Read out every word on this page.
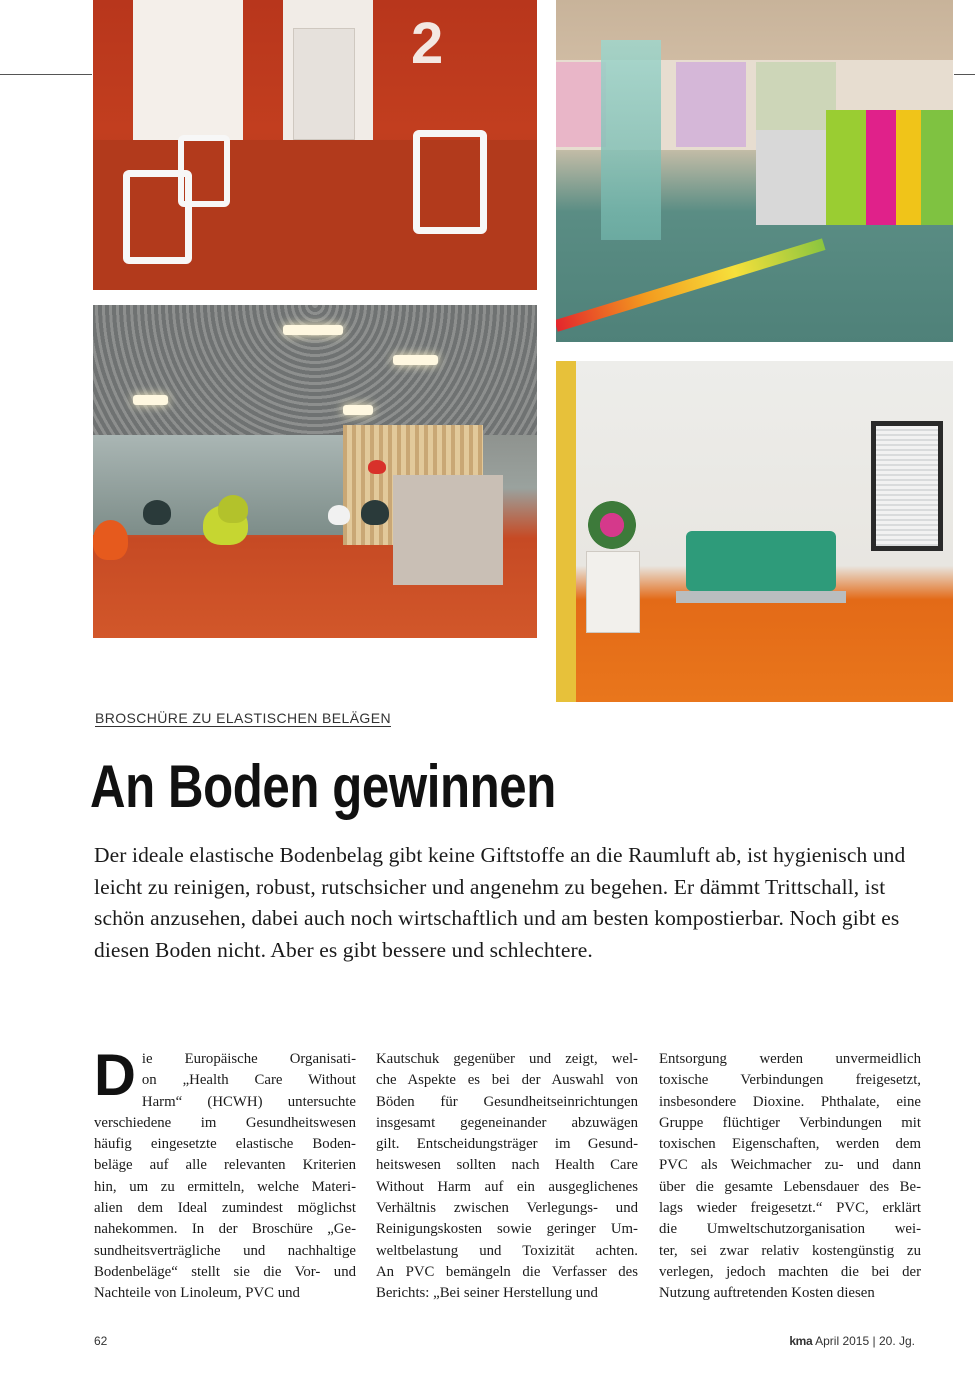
2
BROSCHÜRE ZU ELASTISCHEN BELÄGEN
An Boden gewinnen

Der ideale elastische Bodenbelag gibt keine Giftstoffe an die Raumluft ab, ist hygienisch und leicht zu reinigen, robust, rutschsicher und angenehm zu begehen. Er dämmt Trittschall, ist schön anzusehen, dabei auch noch wirtschaftlich und am besten kompostierbar. Noch gibt es diesen Boden nicht. Aber es gibt bessere und schlechtere.

D ie Europäische Organisati-
on „Health Care Without
Harm“ (HCWH) untersuchte
verschiedene im Gesundheitswesen
häufig eingesetzte elastische Boden-
beläge auf alle relevanten Kriterien
hin, um zu ermitteln, welche Materi-
alien dem Ideal zumindest möglichst
nahekommen. In der Broschüre „Ge-
sundheitsverträgliche und nachhaltige
Bodenbeläge“ stellt sie die Vor- und
Nachteile von Linoleum, PVC und
Kautschuk gegenüber und zeigt, wel-
che Aspekte es bei der Auswahl von
Böden für Gesundheitseinrichtungen
insgesamt gegeneinander abzuwägen
gilt. Entscheidungsträger im Gesund-
heitswesen sollten nach Health Care
Without Harm auf ein ausgeglichenes
Verhältnis zwischen Verlegungs- und
Reinigungskosten sowie geringer Um-
weltbelastung und Toxizität achten.
An PVC bemängeln die Verfasser des
Berichts: „Bei seiner Herstellung und
Entsorgung werden unvermeidlich
toxische Verbindungen freigesetzt,
insbesondere Dioxine. Phthalate, eine
Gruppe flüchtiger Verbindungen mit
toxischen Eigenschaften, werden dem
PVC als Weichmacher zu- und dann
über die gesamte Lebensdauer des Be-
lags wieder freigesetzt.“ PVC, erklärt
die Umweltschutzorganisation wei-
ter, sei zwar relativ kostengünstig zu
verlegen, jedoch machten die bei der
Nutzung auftretenden Kosten diesen
62	kma April 2015 | 20. Jg.
